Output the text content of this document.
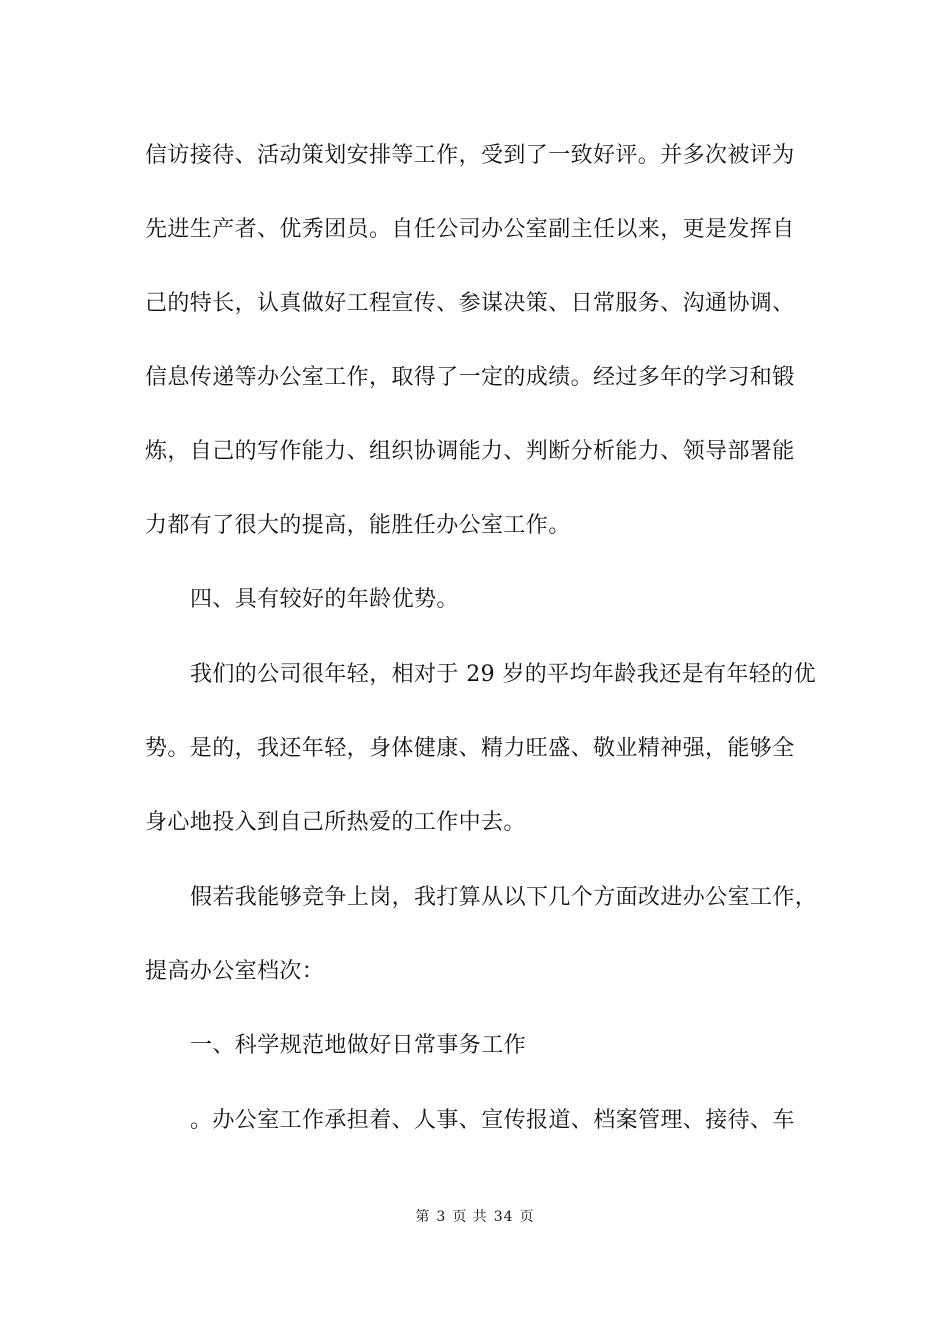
信访接待、活动策划安排等工作，受到了一致好评。并多次被评为
先进生产者、优秀团员。自任公司办公室副主任以来，更是发挥自
己的特长，认真做好工程宣传、参谋决策、日常服务、沟通协调、
信息传递等办公室工作，取得了一定的成绩。经过多年的学习和锻
炼，自己的写作能力、组织协调能力、判断分析能力、领导部署能
力都有了很大的提高，能胜任办公室工作。
四、具有较好的年龄优势。
我们的公司很年轻，相对于 29 岁的平均年龄我还是有年轻的优
势。是的，我还年轻，身体健康、精力旺盛、敬业精神强，能够全
身心地投入到自己所热爱的工作中去。
假若我能够竞争上岗，我打算从以下几个方面改进办公室工作，
提高办公室档次：
一、科学规范地做好日常事务工作
。办公室工作承担着、人事、宣传报道、档案管理、接待、车
第 3 页 共 34 页
